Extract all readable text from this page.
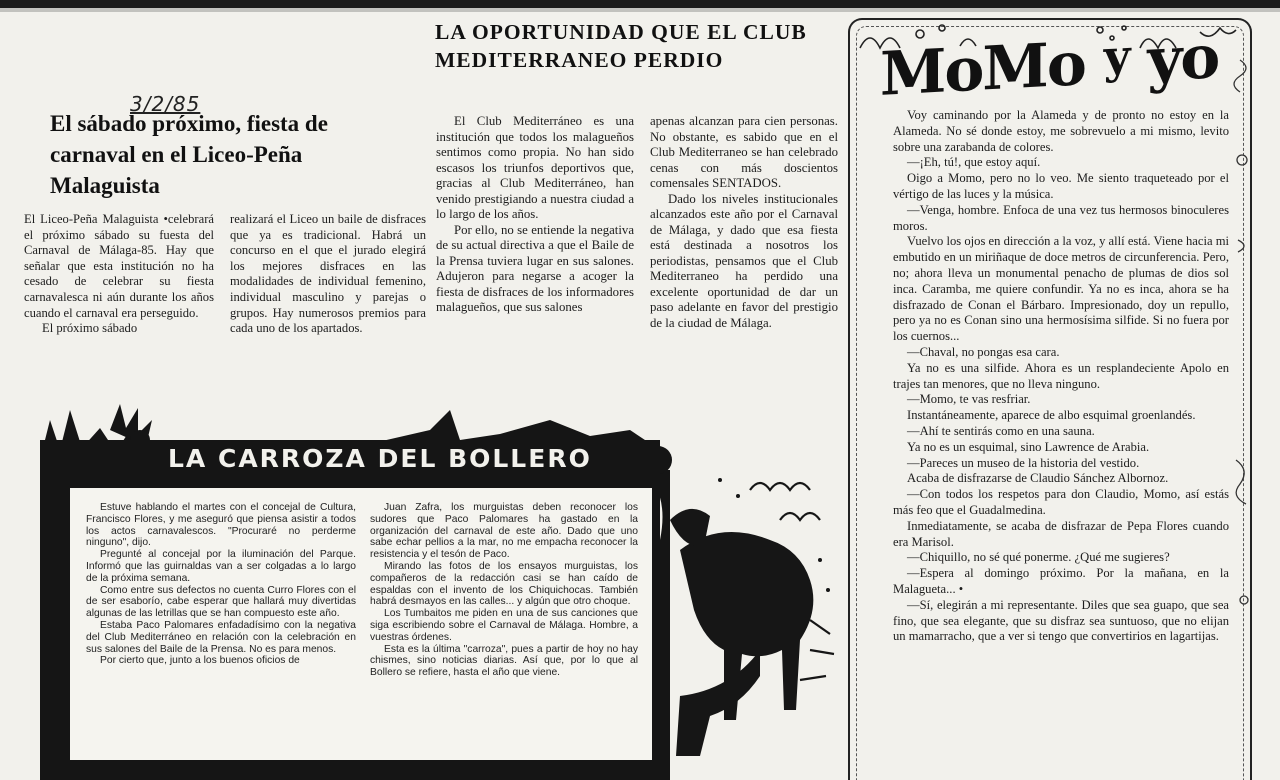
3/2/85
El sábado próximo, fiesta de carnaval en el Liceo-Peña Malaguista

El Liceo-Peña Malaguista •celebrará el próximo sábado su fuesta del Carnaval de Málaga-85. Hay que señalar que esta institución no ha cesado de celebrar su fiesta carnavalesca ni aún durante los años cuando el carnaval era perseguido.

El próximo sábado

realizará el Liceo un baile de disfraces que ya es tradicional. Habrá un concurso en el que el jurado elegirá los mejores disfraces en las modalidades de individual femenino, individual masculino y parejas o grupos. Hay numerosos premios para cada uno de los apartados.

LA OPORTUNIDAD QUE EL CLUB MEDITERRANEO PERDIO

El Club Mediterráneo es una institución que todos los malagueños sentimos como propia. No han sido escasos los triunfos deportivos que, gracias al Club Mediterráneo, han venido prestigiando a nuestra ciudad a lo largo de los años.

Por ello, no se entiende la negativa de su actual directiva a que el Baile de la Prensa tuviera lugar en sus salones. Adujeron para negarse a acoger la fiesta de disfraces de los informadores malagueños, que sus salones

apenas alcanzan para cien personas. No obstante, es sabido que en el Club Mediterraneo se han celebrado cenas con más doscientos comensales SENTADOS.

Dado los niveles institucionales alcanzados este año por el Carnaval de Málaga, y dado que esa fiesta está destinada a nosotros los periodistas, pensamos que el Club Mediterraneo ha perdido una excelente oportunidad de dar un paso adelante en favor del prestigio de la ciudad de Málaga.

MoMo y yo

Voy caminando por la Alameda y de pronto no estoy en la Alameda. No sé donde estoy, me sobrevuelo a mi mismo, levito sobre una zarabanda de colores.

—¡Eh, tú!, que estoy aquí.

Oigo a Momo, pero no lo veo. Me siento traqueteado por el vértigo de las luces y la música.

—Venga, hombre. Enfoca de una vez tus hermosos binoculeres moros.

Vuelvo los ojos en dirección a la voz, y allí está. Viene hacia mi embutido en un miriñaque de doce metros de circunferencia. Pero, no; ahora lleva un monumental penacho de plumas de dios sol inca. Caramba, me quiere confundir. Ya no es inca, ahora se ha disfrazado de Conan el Bárbaro. Impresionado, doy un repullo, pero ya no es Conan sino una hermosísima silfide. Si no fuera por los cuernos...

—Chaval, no pongas esa cara.

Ya no es una silfide. Ahora es un resplandeciente Apolo en trajes tan menores, que no lleva ninguno.

—Momo, te vas resfriar.

Instantáneamente, aparece de albo esquimal groenlandés.

—Ahí te sentirás como en una sauna.

Ya no es un esquimal, sino Lawrence de Arabia.

—Pareces un museo de la historia del vestido.

Acaba de disfrazarse de Claudio Sánchez Albornoz.

—Con todos los respetos para don Claudio, Momo, así estás más feo que el Guadalmedina.

Inmediatamente, se acaba de disfrazar de Pepa Flores cuando era Marisol.

—Chiquillo, no sé qué ponerme. ¿Qué me sugieres?

—Espera al domingo próximo. Por la mañana, en la Malagueta... •

—Sí, elegirán a mi representante. Diles que sea guapo, que sea fino, que sea elegante, que su disfraz sea suntuoso, que no elijan un mamarracho, que a ver si tengo que convertirios en lagartijas.

LA CARROZA DEL BOLLERO

Estuve hablando el martes con el concejal de Cultura, Francisco Flores, y me aseguró que piensa asistir a todos los actos carnavalescos. "Procuraré no perderme ninguno", dijo.

Pregunté al concejal por la iluminación del Parque. Informó que las guirnaldas van a ser colgadas a lo largo de la próxima semana.

Como entre sus defectos no cuenta Curro Flores con el de ser esaborío, cabe esperar que hallará muy divertidas algunas de las letrillas que se han compuesto este año.

Estaba Paco Palomares enfadadísimo con la negativa del Club Mediterráneo en relación con la celebración en sus salones del Baile de la Prensa. No es para menos.

Por cierto que, junto a los buenos oficios de

Juan Zafra, los murguistas deben reconocer los sudores que Paco Palomares ha gastado en la organización del carnaval de este año. Dado que uno sabe echar pellios a la mar, no me empacha reconocer la resistencia y el tesón de Paco.

Mirando las fotos de los ensayos murguistas, los compañeros de la redacción casi se han caído de espaldas con el invento de los Chiquichocas. También habrá desmayos en las calles... y algún que otro choque.

Los Tumbaitos me piden en una de sus canciones que siga escribiendo sobre el Carnaval de Málaga. Hombre, a vuestras órdenes.

Esta es la última "carroza", pues a partir de hoy no hay chismes, sino noticias diarias. Así que, por lo que al Bollero se refiere, hasta el año que viene.
